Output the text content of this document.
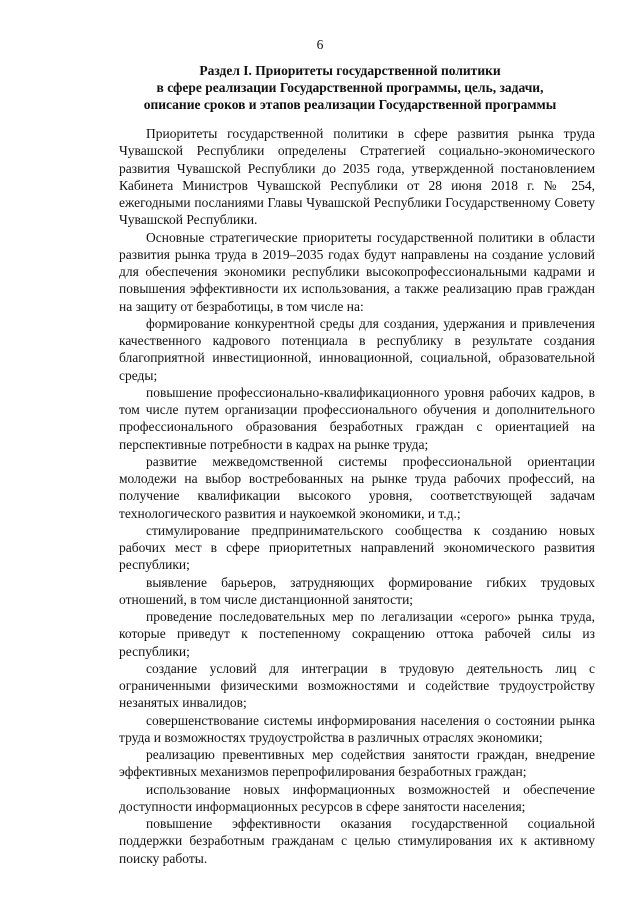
6
Раздел I. Приоритеты государственной политики
в сфере реализации Государственной программы, цель, задачи,
описание сроков и этапов реализации Государственной программы

Приоритеты государственной политики в сфере развития рынка труда Чувашской Республики определены Стратегией социально-экономического развития Чувашской Республики до 2035 года, утвержденной постановлением Кабинета Министров Чувашской Республики от 28 июня 2018 г. № 254, ежегодными посланиями Главы Чувашской Республики Государственному Совету Чувашской Республики.

Основные стратегические приоритеты государственной политики в области развития рынка труда в 2019–2035 годах будут направлены на создание условий для обеспечения экономики республики высокопрофессиональными кадрами и повышения эффективности их использования, а также реализацию прав граждан на защиту от безработицы, в том числе на:

формирование конкурентной среды для создания, удержания и привлечения качественного кадрового потенциала в республику в результате создания благоприятной инвестиционной, инновационной, социальной, образовательной среды;

повышение профессионально-квалификационного уровня рабочих кадров, в том числе путем организации профессионального обучения и дополнительного профессионального образования безработных граждан с ориентацией на перспективные потребности в кадрах на рынке труда;

развитие межведомственной системы профессиональной ориентации молодежи на выбор востребованных на рынке труда рабочих профессий, на получение квалификации высокого уровня, соответствующей задачам технологического развития и наукоемкой экономики, и т.д.;

стимулирование предпринимательского сообщества к созданию новых рабочих мест в сфере приоритетных направлений экономического развития республики;

выявление барьеров, затрудняющих формирование гибких трудовых отношений, в том числе дистанционной занятости;

проведение последовательных мер по легализации «серого» рынка труда, которые приведут к постепенному сокращению оттока рабочей силы из республики;

создание условий для интеграции в трудовую деятельность лиц с ограниченными физическими возможностями и содействие трудоустройству незанятых инвалидов;

совершенствование системы информирования населения о состоянии рынка труда и возможностях трудоустройства в различных отраслях экономики;

реализацию превентивных мер содействия занятости граждан, внедрение эффективных механизмов перепрофилирования безработных граждан;

использование новых информационных возможностей и обеспечение доступности информационных ресурсов в сфере занятости населения;

повышение эффективности оказания государственной социальной поддержки безработным гражданам с целью стимулирования их к активному поиску работы.
